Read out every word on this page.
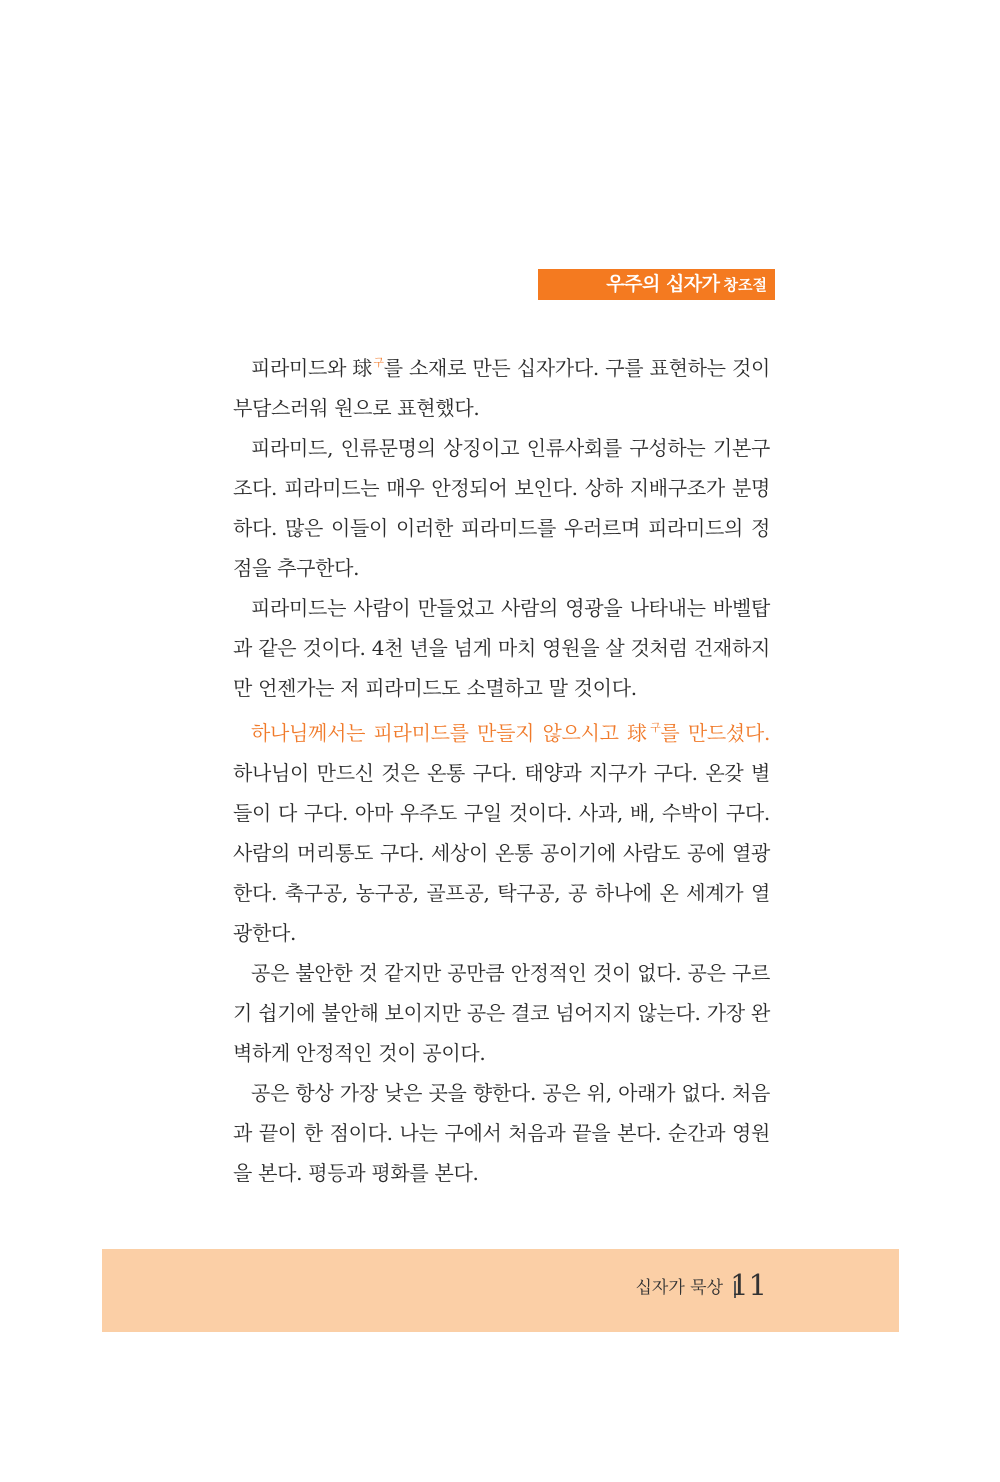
우주의 십자가 창조절

피라미드와 球$^구$를 소재로 만든 십자가다. 구를 표현하는 것이 부담스러워 원으로 표현했다.

피라미드, 인류문명의 상징이고 인류사회를 구성하는 기본구조다. 피라미드는 매우 안정되어 보인다. 상하 지배구조가 분명하다. 많은 이들이 이러한 피라미드를 우러르며 피라미드의 정점을 추구한다.

피라미드는 사람이 만들었고 사람의 영광을 나타내는 바벨탑과 같은 것이다. 4천 년을 넘게 마치 영원을 살 것처럼 건재하지만 언젠가는 저 피라미드도 소멸하고 말 것이다.

하나님께서는 피라미드를 만들지 않으시고 球$^구$를 만드셨다. 하나님이 만드신 것은 온통 구다. 태양과 지구가 구다. 온갖 별들이 다 구다. 아마 우주도 구일 것이다. 사과, 배, 수박이 구다. 사람의 머리통도 구다. 세상이 온통 공이기에 사람도 공에 열광한다. 축구공, 농구공, 골프공, 탁구공, 공 하나에 온 세계가 열광한다.

공은 불안한 것 같지만 공만큼 안정적인 것이 없다. 공은 구르기 쉽기에 불안해 보이지만 공은 결코 넘어지지 않는다. 가장 완벽하게 안정적인 것이 공이다.

공은 항상 가장 낮은 곳을 향한다. 공은 위, 아래가 없다. 처음과 끝이 한 점이다. 나는 구에서 처음과 끝을 본다. 순간과 영원을 본다. 평등과 평화를 본다.

십자가 묵상 11
